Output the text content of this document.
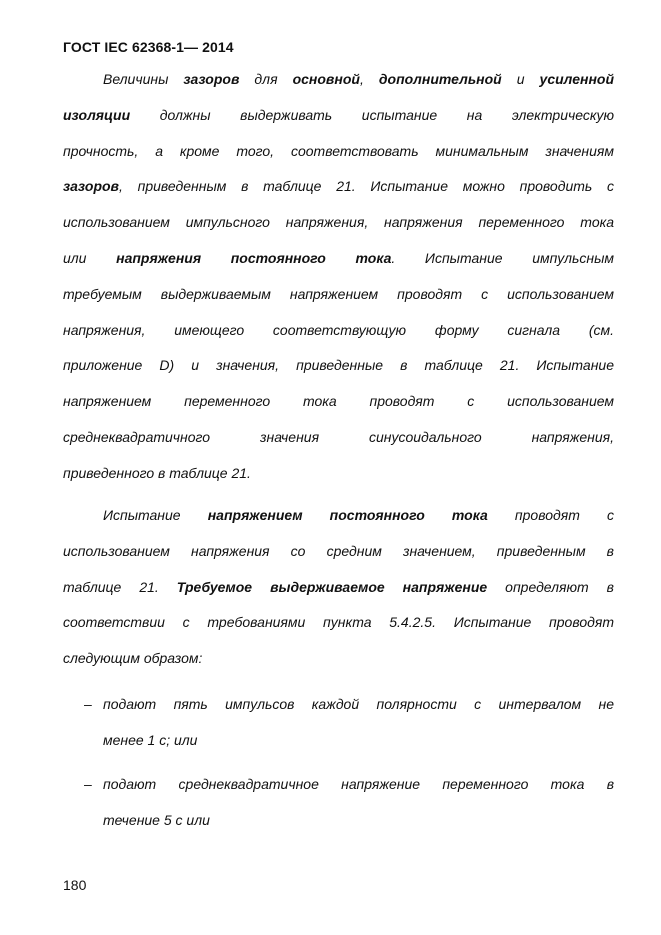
ГОСТ IEC 62368-1— 2014
Величины зазоров для основной, дополнительной и усиленной
изоляции должны выдерживать испытание на электрическую
прочность, а кроме того, соответствовать минимальным значениям
зазоров, приведенным в таблице 21. Испытание можно проводить с
использованием импульсного напряжения, напряжения переменного тока
или напряжения постоянного тока. Испытание импульсным
требуемым выдерживаемым напряжением проводят с использованием
напряжения, имеющего соответствующую форму сигнала (см.
приложение D) и значения, приведенные в таблице 21. Испытание
напряжением переменного тока проводят с использованием
среднеквадратичного значения синусоидального напряжения,
приведенного в таблице 21.
Испытание напряжением постоянного тока проводят с
использованием напряжения со средним значением, приведенным в
таблице 21. Требуемое выдерживаемое напряжение определяют в
соответствии с требованиями пункта 5.4.2.5. Испытание проводят
следующим образом:
– подают пять импульсов каждой полярности с интервалом не
менее 1 с; или
– подают среднеквадратичное напряжение переменного тока в
течение 5 с или
180
